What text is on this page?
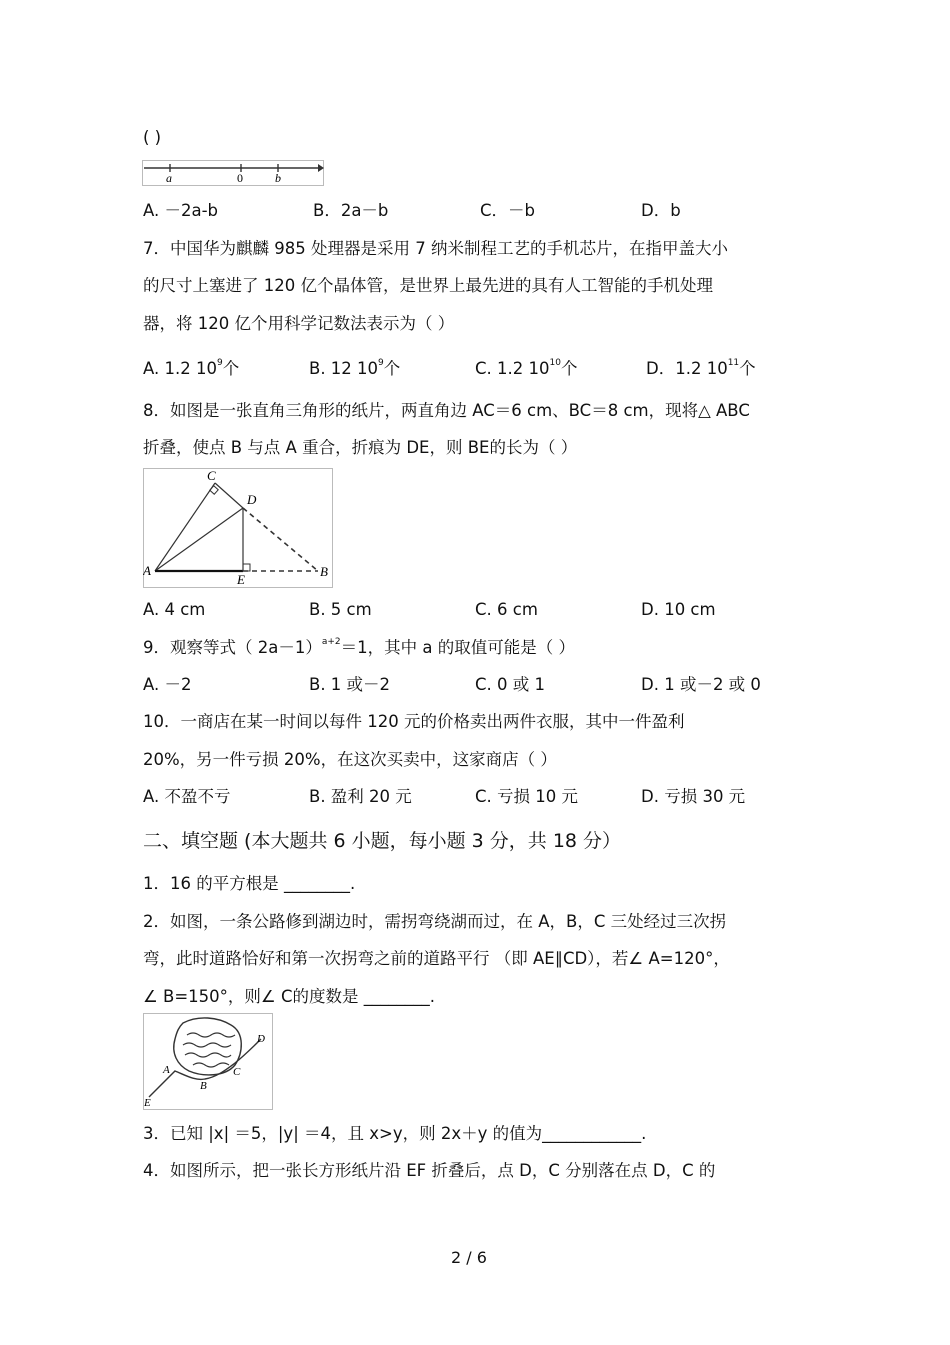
( )
a	0	b
A. －2a-b	B．2a－b	C．－b	D．b
7．中国华为麒麟 985 处理器是采用 7 纳米制程工艺的手机芯片，在指甲盖大小
的尺寸上塞进了 120 亿个晶体管，是世界上最先进的具有人工智能的手机处理
器，将 120 亿个用科学记数法表示为（ ）
A. 1.2 $10^9$个	B. 12 $10^9$个	C. 1.2 $10^{10}$个	D．1.2 $10^{11}$个
8．如图是一张直角三角形的纸片，两直角边 AC＝6 cm、BC＝8 cm，现将△ ABC
折叠，使点 B 与点 A 重合，折痕为 DE，则 BE的长为（ ）
C
D
A
E
B
A. 4 cm	B. 5 cm	C. 6 cm	D. 10 cm
9．观察等式（ 2a－1）$^{a+2}$＝1，其中 a 的取值可能是（ ）
A. －2	B. 1 或－2	C. 0 或 1	D. 1 或－2 或 0
10．一商店在某一时间以每件 120 元的价格卖出两件衣服，其中一件盈利
20%，另一件亏损 20%，在这次买卖中，这家商店（ ）
A. 不盈不亏	B. 盈利 20 元	C. 亏损 10 元	D. 亏损 30 元
二、填空题 (本大题共 6 小题，每小题 3 分，共 18 分）
1．16 的平方根是 ________.
2．如图，一条公路修到湖边时，需拐弯绕湖而过，在 A，B，C 三处经过三次拐
弯，此时道路恰好和第一次拐弯之前的道路平行 （即 AE∥CD），若∠ A=120°，
∠ B=150°，则∠ C的度数是 ________.
D
A	C
B
E
3．已知 |x| ＝5，|y| ＝4，且 x>y，则 2x＋y 的值为____________.
4．如图所示，把一张长方形纸片沿 EF 折叠后，点 D，C 分别落在点 D，C 的
2 / 6
